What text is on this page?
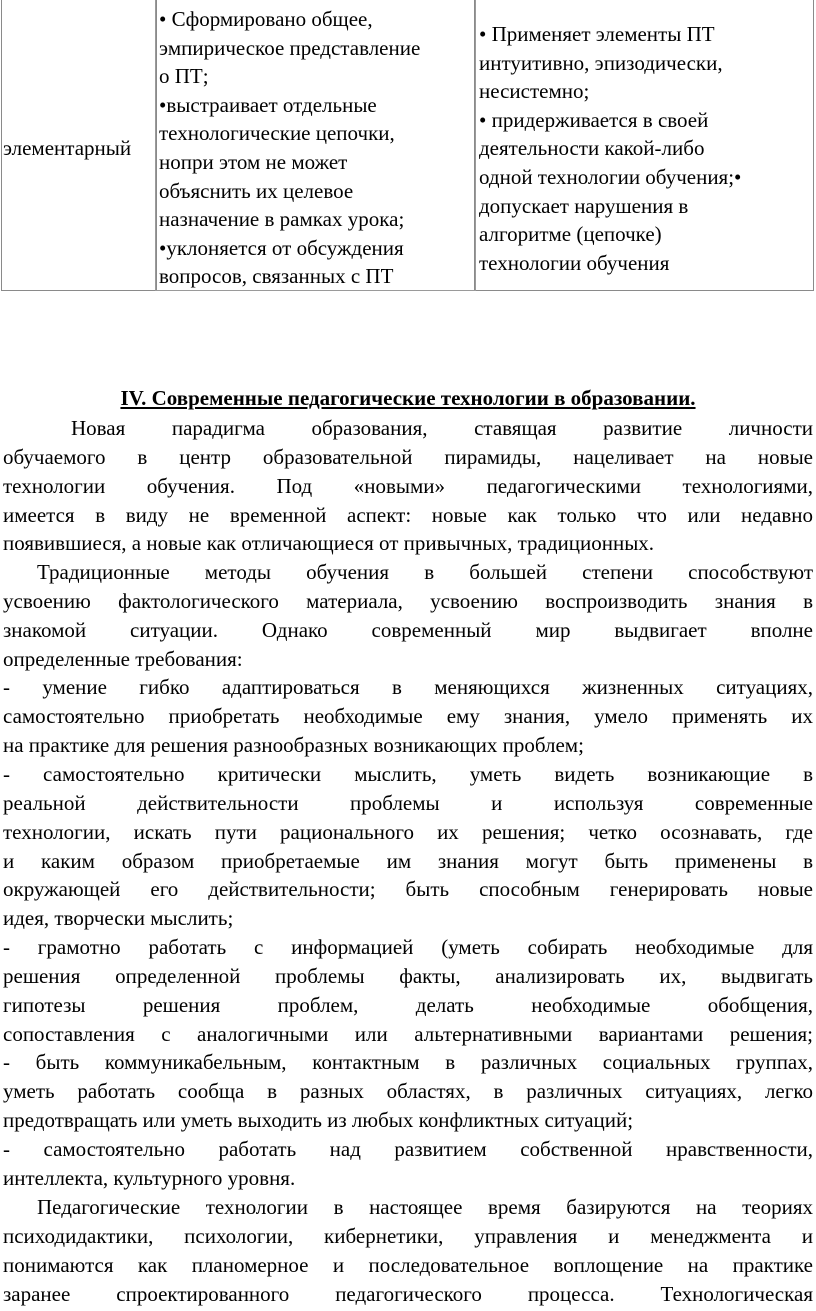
элементарный
• Сформировано общее,
эмпирическое представление
о ПТ;
•выстраивает отдельные
технологические цепочки,
нопри этом не может
объяснить их целевое
назначение в рамках урока;
•уклоняется от обсуждения
вопросов, связанных с ПТ
• Применяет элементы ПТ
интуитивно, эпизодически,
несистемно;
• придерживается в своей
деятельности какой-либо
одной технологии обучения;•
допускает нарушения в
алгоритме (цепочке)
технологии обучения
IV. Современные педагогические технологии в образовании.
Новая парадигма образования, ставящая развитие личности
обучаемого в центр образовательной пирамиды, нацеливает на новые
технологии обучения. Под «новыми» педагогическими технологиями,
имеется в виду не временной аспект: новые как только что или недавно
появившиеся, а новые как отличающиеся от привычных, традиционных.
Традиционные методы обучения в большей степени способствуют
усвоению фактологического материала, усвоению воспроизводить знания в
знакомой ситуации. Однако современный мир выдвигает вполне
определенные требования:
- умение гибко адаптироваться в меняющихся жизненных ситуациях,
самостоятельно приобретать необходимые ему знания, умело применять их
на практике для решения разнообразных возникающих проблем;
- самостоятельно критически мыслить, уметь видеть возникающие в
реальной действительности проблемы и используя современные
технологии, искать пути рационального их решения; четко осознавать, где
и каким образом приобретаемые им знания могут быть применены в
окружающей его действительности; быть способным генерировать новые
идея, творчески мыслить;
- грамотно работать с информацией (уметь собирать необходимые для
решения определенной проблемы факты, анализировать их, выдвигать
гипотезы решения проблем, делать необходимые обобщения,
сопоставления с аналогичными или альтернативными вариантами решения;
- быть коммуникабельным, контактным в различных социальных группах,
уметь работать сообща в разных областях, в различных ситуациях, легко
предотвращать или уметь выходить из любых конфликтных ситуаций;
- самостоятельно работать над развитием собственной нравственности,
интеллекта, культурного уровня.
Педагогические технологии в настоящее время базируются на теориях
психодидактики, психологии, кибернетики, управления и менеджмента и
понимаются как планомерное и последовательное воплощение на практике
заранее спроектированного педагогического процесса. Технологическая
